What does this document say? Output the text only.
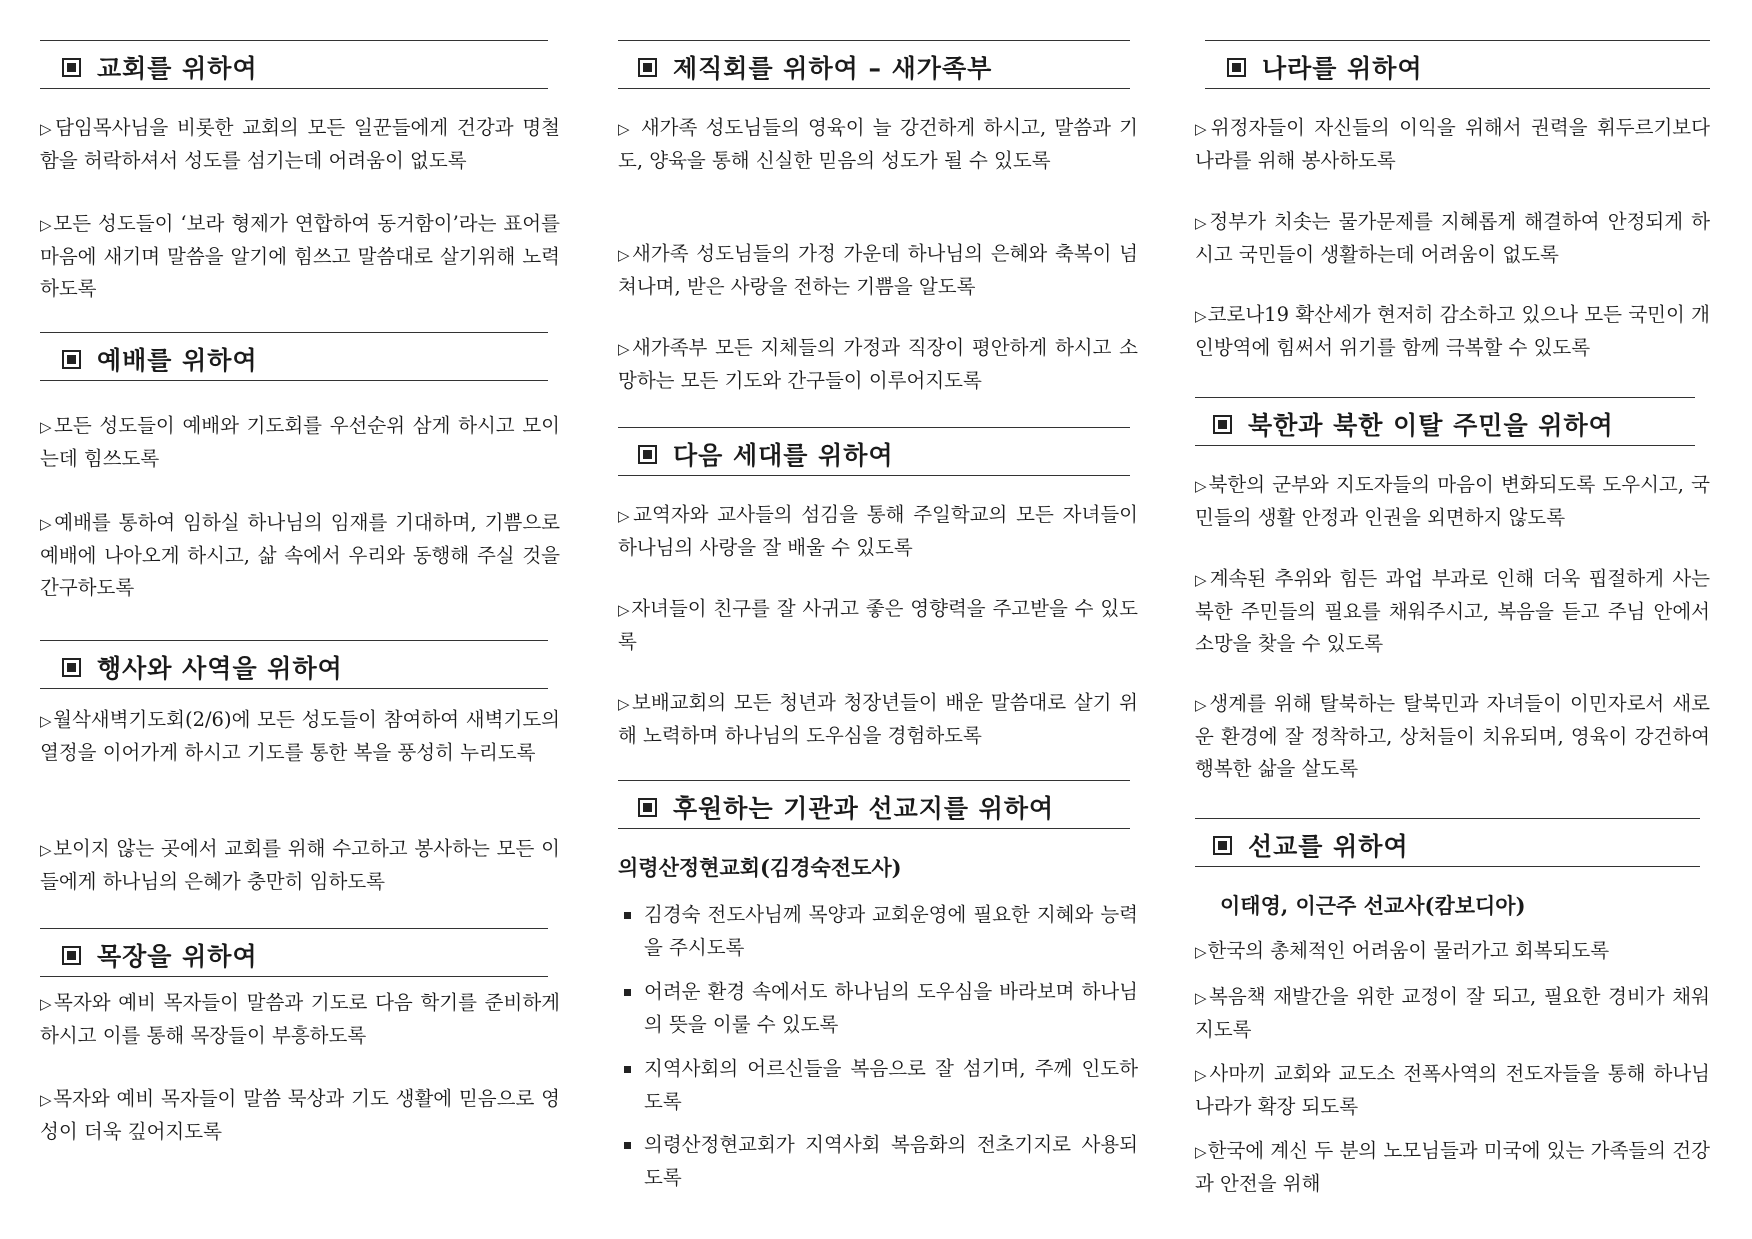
교회를 위하여
▷담임목사님을 비롯한 교회의 모든 일꾼들에게 건강과 명철함을 허락하셔서 성도를 섬기는데 어려움이 없도록
▷모든 성도들이 ‘보라 형제가 연합하여 동거함이’라는 표어를 마음에 새기며 말씀을 알기에 힘쓰고 말씀대로 살기위해 노력하도록
예배를 위하여
▷모든 성도들이 예배와 기도회를 우선순위 삼게 하시고 모이는데 힘쓰도록
▷예배를 통하여 임하실 하나님의 임재를 기대하며, 기쁨으로 예배에 나아오게 하시고, 삶 속에서 우리와 동행해 주실 것을 간구하도록
행사와 사역을 위하여
▷월삭새벽기도회(2/6)에 모든 성도들이 참여하여 새벽기도의 열정을 이어가게 하시고 기도를 통한 복을 풍성히 누리도록
▷보이지 않는 곳에서 교회를 위해 수고하고 봉사하는 모든 이들에게 하나님의 은혜가 충만히 임하도록
목장을 위하여
▷목자와 예비 목자들이 말씀과 기도로 다음 학기를 준비하게 하시고 이를 통해 목장들이 부흥하도록
▷목자와 예비 목자들이 말씀 묵상과 기도 생활에 믿음으로 영성이 더욱 깊어지도록
제직회를 위하여 – 새가족부
▷ 새가족 성도님들의 영육이 늘 강건하게 하시고, 말씀과 기도, 양육을 통해 신실한 믿음의 성도가 될 수 있도록
▷새가족 성도님들의 가정 가운데 하나님의 은혜와 축복이 넘쳐나며, 받은 사랑을 전하는 기쁨을 알도록
▷새가족부 모든 지체들의 가정과 직장이 평안하게 하시고 소망하는 모든 기도와 간구들이 이루어지도록
다음 세대를 위하여
▷교역자와 교사들의 섬김을 통해 주일학교의 모든 자녀들이 하나님의 사랑을 잘 배울 수 있도록
▷자녀들이 친구를 잘 사귀고 좋은 영향력을 주고받을 수 있도록
▷보배교회의 모든 청년과 청장년들이 배운 말씀대로 살기 위해 노력하며 하나님의 도우심을 경험하도록
후원하는 기관과 선교지를 위하여
의령산정현교회(김경숙전도사)
김경숙 전도사님께 목양과 교회운영에 필요한 지혜와 능력을 주시도록
어려운 환경 속에서도 하나님의 도우심을 바라보며 하나님의 뜻을 이룰 수 있도록
지역사회의 어르신들을 복음으로 잘 섬기며, 주께 인도하도록
의령산정현교회가 지역사회 복음화의 전초기지로 사용되도록
나라를 위하여
▷위정자들이 자신들의 이익을 위해서 권력을 휘두르기보다 나라를 위해 봉사하도록
▷정부가 치솟는 물가문제를 지혜롭게 해결하여 안정되게 하시고 국민들이 생활하는데 어려움이 없도록
▷코로나19 확산세가 현저히 감소하고 있으나 모든 국민이 개인방역에 힘써서 위기를 함께 극복할 수 있도록
북한과 북한 이탈 주민을 위하여
▷북한의 군부와 지도자들의 마음이 변화되도록 도우시고, 국민들의 생활 안정과 인권을 외면하지 않도록
▷계속된 추위와 힘든 과업 부과로 인해 더욱 핍절하게 사는 북한 주민들의 필요를 채워주시고, 복음을 듣고 주님 안에서 소망을 찾을 수 있도록
▷생계를 위해 탈북하는 탈북민과 자녀들이 이민자로서 새로운 환경에 잘 정착하고, 상처들이 치유되며, 영육이 강건하여 행복한 삶을 살도록
선교를 위하여
이태영, 이근주 선교사(캄보디아)
▷한국의 총체적인 어려움이 물러가고 회복되도록
▷복음책 재발간을 위한 교정이 잘 되고, 필요한 경비가 채워지도록
▷사마끼 교회와 교도소 전폭사역의 전도자들을 통해 하나님 나라가 확장 되도록
▷한국에 계신 두 분의 노모님들과 미국에 있는 가족들의 건강과 안전을 위해
